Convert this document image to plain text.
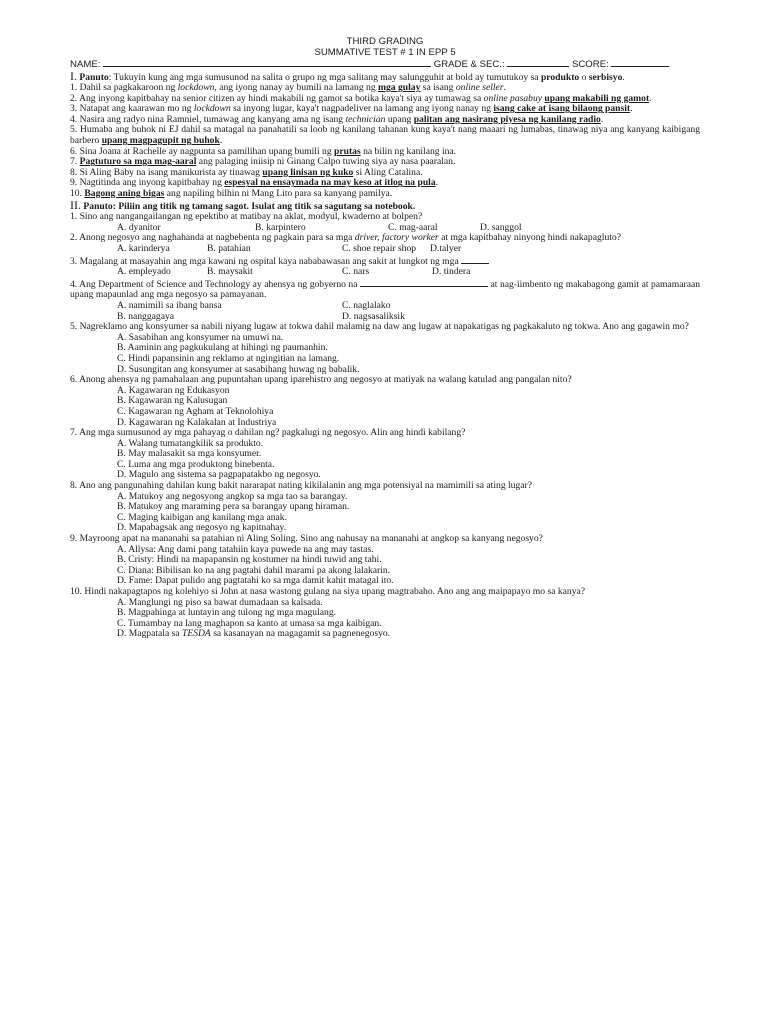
THIRD GRADING
SUMMATIVE TEST # 1 IN EPP 5
NAME:	GRADE & SEC.:	SCORE:

I. Panuto: Tukuyin kung ang mga sumusunod na salita o grupo ng mga salitang may salungguhit at bold ay tumutukoy sa produkto o serbisyo.

1. Dahil sa pagkakaroon ng lockdown, ang iyong nanay ay bumili na lamang ng mga gulay sa isang online seller.

2. Ang inyong kapitbahay na senior citizen ay hindi makabili ng gamot sa botika kaya't siya ay tumawag sa online pasabuy upang makabili ng gamot.

3. Natapat ang kaarawan mo ng lockdown sa inyong lugar, kaya't nagpadeliver na lamang ang iyong nanay ng isang cake at isang bilaong pansit.

4. Nasira ang radyo nina Ramniel, tumawag ang kanyang ama ng isang technician upang palitan ang nasirang piyesa ng kanilang radio.

5. Humaba ang buhok ni EJ dahil sa matagal na panahatili sa loob ng kanilang tahanan kung kaya't nang maaari ng lumabas, tinawag niya ang kanyang kaibigang barbero upang magpagupit ng buhok.

6. Sina Joana at Rachelle ay nagpunta sa pamilihan upang bumili ng prutas na bilin ng kanilang ina.

7. Pagtuturo sa mga mag-aaral ang palaging iniisip ni Ginang Calpo tuwing siya ay nasa paaralan.

8. Si Aling Baby na isang manikurista ay tinawag upang linisan ng kuko si Aling Catalina.

9. Nagtitinda ang inyong kapitbahay ng espesyal na ensaymada na may keso at itlog na pula.

10. Bagong aning bigas ang napiling bilhin ni Mang Lito para sa kanyang pamilya.

II. Panuto: Piliin ang titik ng tamang sagot. Isulat ang titik sa sagutang sa notebook.

1. Sino ang nangangailangan ng epektibo at matibay na aklat, modyul, kwaderno at bolpen?

A. dyanitor	B. karpintero	C. mag-aaral	D. sanggol

2. Anong negosyo ang naghahanda at nagbebenta ng pagkain para sa mga driver, factory worker at mga kapitbahay ninyong hindi nakapagluto?

A. karinderya	B. patahian	C. shoe repair shop D.talyer

3. Magalang at masayahin ang mga kawani ng ospital kaya nababawasan ang sakit at lungkot ng mga

A. empleyado	B. maysakit	C. nars	D. tindera

4. Ang Department of Science and Technology ay ahensya ng gobyerno na	at nag-iimbento ng makabagong gamit at pamamaraan upang mapaunlad ang mga negosyo sa pamayanan.

A. namimili sa ibang bansa	C. naglalako
B. nanggagaya	D. nagsasaliksik

5. Nagreklamo ang konsyumer sa nabili niyang lugaw at tokwa dahil malamig na daw ang lugaw at napakatigas ng pagkakaluto ng tokwa. Ano ang gagawin mo?

A. Sasabihan ang konsyumer na umuwi na.
B. Aaminin ang pagkukulang at hihingi ng paumanhin.
C. Hindi papansinin ang reklamo at ngingitian na lamang.
D. Susungitan ang konsyumer at sasabihang huwag ng babalik.

6. Anong ahensya ng pamahalaan ang pupuntahan upang iparehistro ang negosyo at matiyak na walang katulad ang pangalan nito?

A. Kagawaran ng Edukasyon
B. Kagawaran ng Kalusugan
C. Kagawaran ng Agham at Teknolohiya
D. Kagawaran ng Kalakalan at Industriya

7. Ang mga sumusunod ay mga pahayag o dahilan ng? pagkalugi ng negosyo. Alin ang hindi kabilang?

A. Walang tumatangkilik sa produkto.
B. May malasakit sa mga konsyumer.
C. Luma ang mga produktong binebenta.
D. Magulo ang sistema sa pagpapatakbo ng negosyo.

8. Ano ang pangunahing dahilan kung bakit nararapat nating kikilalanin ang mga potensiyal na mamimili sa ating lugar?

A. Matukoy ang negosyong angkop sa mga tao sa barangay.
B. Matukoy ang maraming pera sa barangay upang hiraman.
C. Maging kaibigan ang kanilang mga anak.
D. Mapabagsak ang negosyo ng kapitnahay.

9. Mayroong apat na mananahi sa patahian ni Aling Soling. Sino ang nahusay na mananahi at angkop sa kanyang negosyo?

A. Allysa: Ang dami pang tatahiin kaya puwede na ang may tastas.
B. Cristy: Hindi na mapapansin ng kostumer na hindi tuwid ang tahi.
C. Diana: Bibilisan ko na ang pagtahi dahil marami pa akong lalakarin.
D. Fame: Dapat pulido ang pagtatahi ko sa mga damit kahit matagal ito.

10. Hindi nakapagtapos ng kolehiyo si John at nasa wastong gulang na siya upang magtrabaho. Ano ang ang maipapayo mo sa kanya?

A. Manglungi ng piso sa bawat dumadaan sa kalsada.
B. Magpahinga at luntayin ang tulong ng mga magulang.
C. Tumambay na lang maghapon sa kanto at umasa sa mga kaibigan.
D. Magpatala sa TESDA sa kasanayan na magagamit sa pagnenegosyo.
